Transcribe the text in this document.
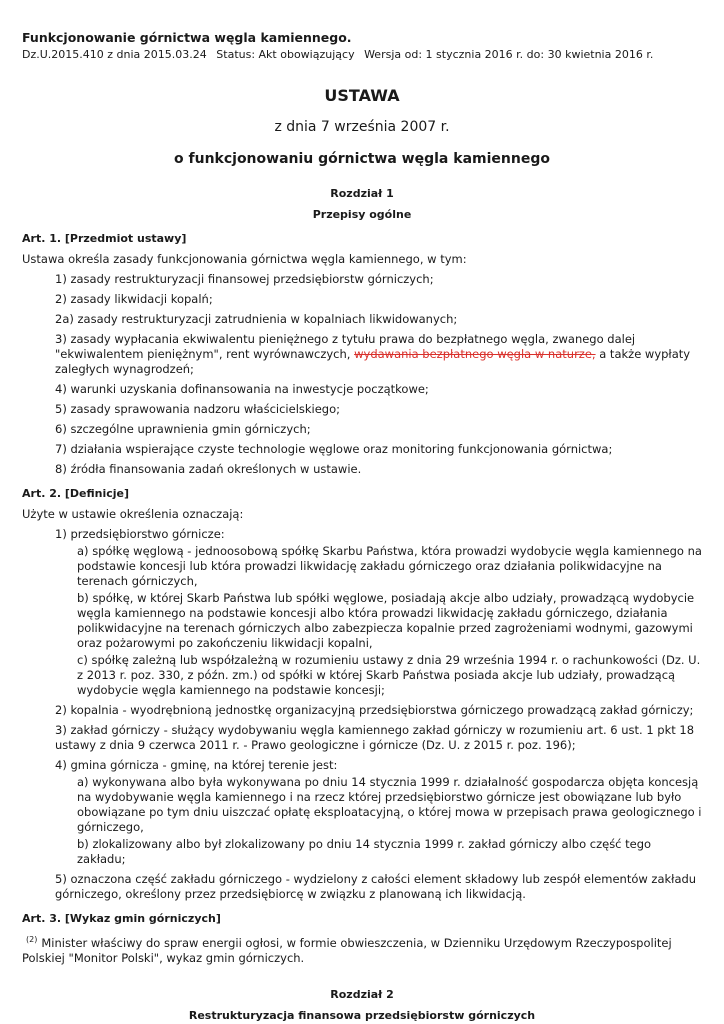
Funkcjonowanie górnictwa węgla kamiennego.
Dz.U.2015.410 z dnia 2015.03.24 Status: Akt obowiązujący Wersja od: 1 stycznia 2016 r. do: 30 kwietnia 2016 r.
USTAWA
z dnia 7 września 2007 r.
o funkcjonowaniu górnictwa węgla kamiennego
Rozdział 1
Przepisy ogólne
Art. 1. [Przedmiot ustawy]
Ustawa określa zasady funkcjonowania górnictwa węgla kamiennego, w tym:
1) zasady restrukturyzacji finansowej przedsiębiorstw górniczych;
2) zasady likwidacji kopalń;
2a) zasady restrukturyzacji zatrudnienia w kopalniach likwidowanych;
3) zasady wypłacania ekwiwalentu pieniężnego z tytułu prawa do bezpłatnego węgla, zwanego dalej "ekwiwalentem pieniężnym", rent wyrównawczych, wydawania bezpłatnego węgla w naturze, a także wypłaty zaległych wynagrodzeń;
4) warunki uzyskania dofinansowania na inwestycje początkowe;
5) zasady sprawowania nadzoru właścicielskiego;
6) szczególne uprawnienia gmin górniczych;
7) działania wspierające czyste technologie węglowe oraz monitoring funkcjonowania górnictwa;
8) źródła finansowania zadań określonych w ustawie.
Art. 2. [Definicje]
Użyte w ustawie określenia oznaczają:
1) przedsiębiorstwo górnicze:
a) spółkę węglową - jednoosobową spółkę Skarbu Państwa, która prowadzi wydobycie węgla kamiennego na podstawie koncesji lub która prowadzi likwidację zakładu górniczego oraz działania polikwidacyjne na terenach górniczych,
b) spółkę, w której Skarb Państwa lub spółki węglowe, posiadają akcje albo udziały, prowadzącą wydobycie węgla kamiennego na podstawie koncesji albo która prowadzi likwidację zakładu górniczego, działania polikwidacyjne na terenach górniczych albo zabezpiecza kopalnie przed zagrożeniami wodnymi, gazowymi oraz pożarowymi po zakończeniu likwidacji kopalni,
c) spółkę zależną lub współzależną w rozumieniu ustawy z dnia 29 września 1994 r. o rachunkowości (Dz. U. z 2013 r. poz. 330, z późn. zm.) od spółki w której Skarb Państwa posiada akcje lub udziały, prowadzącą wydobycie węgla kamiennego na podstawie koncesji;
2) kopalnia - wyodrębnioną jednostkę organizacyjną przedsiębiorstwa górniczego prowadzącą zakład górniczy;
3) zakład górniczy - służący wydobywaniu węgla kamiennego zakład górniczy w rozumieniu art. 6 ust. 1 pkt 18 ustawy z dnia 9 czerwca 2011 r. - Prawo geologiczne i górnicze (Dz. U. z 2015 r. poz. 196);
4) gmina górnicza - gminę, na której terenie jest:
a) wykonywana albo była wykonywana po dniu 14 stycznia 1999 r. działalność gospodarcza objęta koncesją na wydobywanie węgla kamiennego i na rzecz której przedsiębiorstwo górnicze jest obowiązane lub było obowiązane po tym dniu uiszczać opłatę eksploatacyjną, o której mowa w przepisach prawa geologicznego i górniczego,
b) zlokalizowany albo był zlokalizowany po dniu 14 stycznia 1999 r. zakład górniczy albo część tego zakładu;
5) oznaczona część zakładu górniczego - wydzielony z całości element składowy lub zespół elementów zakładu górniczego, określony przez przedsiębiorcę w związku z planowaną ich likwidacją.
Art. 3. [Wykaz gmin górniczych]
$^{(2)}$ Minister właściwy do spraw energii ogłosi, w formie obwieszczenia, w Dzienniku Urzędowym Rzeczypospolitej Polskiej "Monitor Polski", wykaz gmin górniczych.
Rozdział 2
Restrukturyzacja finansowa przedsiębiorstw górniczych
